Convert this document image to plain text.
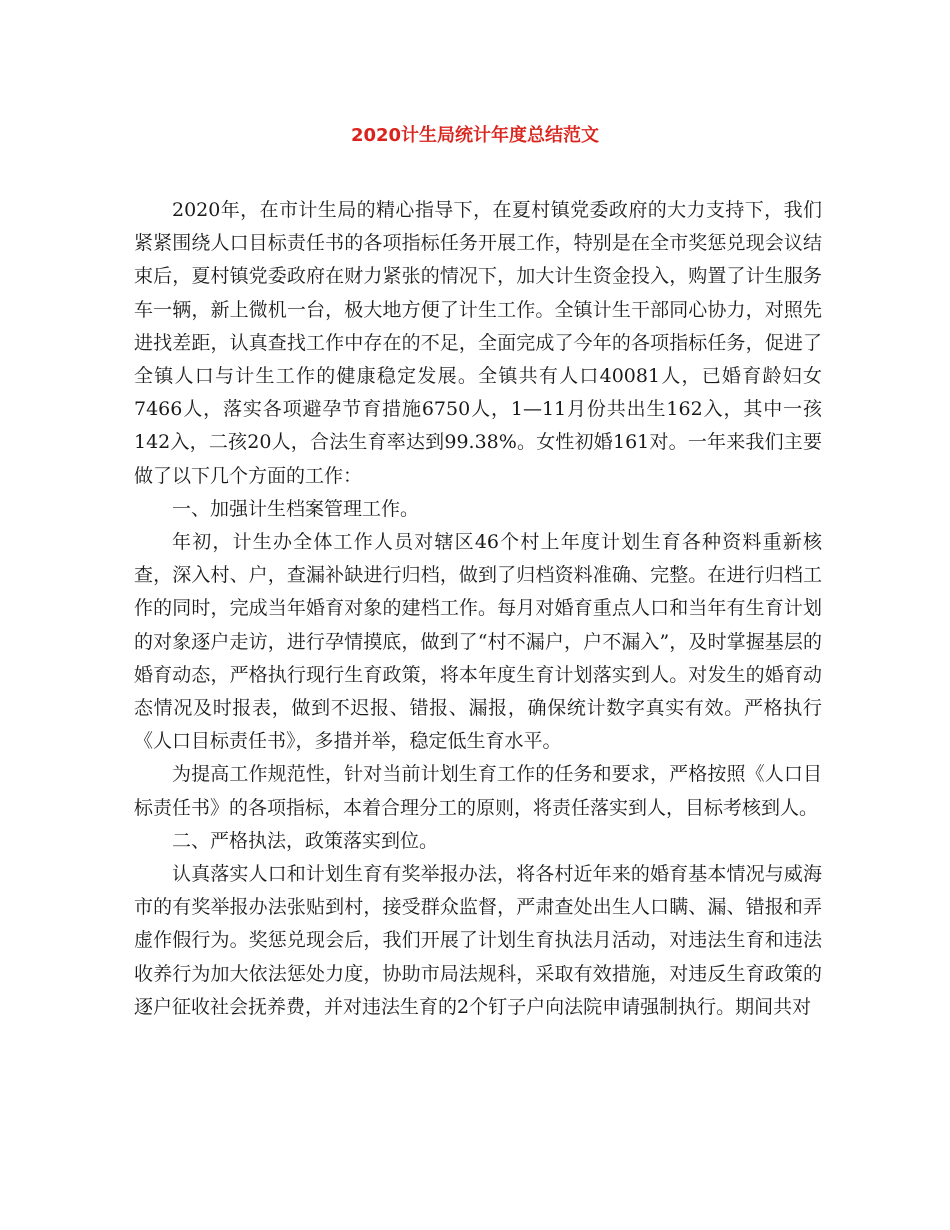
2020计生局统计年度总结范文

2020年，在市计生局的精心指导下，在夏村镇党委政府的大力支持下，我们紧紧围绕人口目标责任书的各项指标任务开展工作，特别是在全市奖惩兑现会议结束后，夏村镇党委政府在财力紧张的情况下，加大计生资金投入，购置了计生服务车一辆，新上微机一台，极大地方便了计生工作。全镇计生干部同心协力，对照先进找差距，认真查找工作中存在的不足，全面完成了今年的各项指标任务，促进了全镇人口与计生工作的健康稳定发展。全镇共有人口40081人，已婚育龄妇女7466人，落实各项避孕节育措施6750人，1—11月份共出生162入，其中一孩142入，二孩20人，合法生育率达到99.38%。女性初婚161对。一年来我们主要做了以下几个方面的工作：

一、加强计生档案管理工作。

年初，计生办全体工作人员对辖区46个村上年度计划生育各种资料重新核查，深入村、户，查漏补缺进行归档，做到了归档资料准确、完整。在进行归档工作的同时，完成当年婚育对象的建档工作。每月对婚育重点人口和当年有生育计划的对象逐户走访，进行孕情摸底，做到了“村不漏户，户不漏入”，及时掌握基层的婚育动态，严格执行现行生育政策，将本年度生育计划落实到人。对发生的婚育动态情况及时报表，做到不迟报、错报、漏报，确保统计数字真实有效。严格执行《人口目标责任书》，多措并举，稳定低生育水平。

为提高工作规范性，针对当前计划生育工作的任务和要求，严格按照《人口目标责任书》的各项指标，本着合理分工的原则，将责任落实到人，目标考核到人。

二、严格执法，政策落实到位。

认真落实人口和计划生育有奖举报办法，将各村近年来的婚育基本情况与威海市的有奖举报办法张贴到村，接受群众监督，严肃查处出生人口瞒、漏、错报和弄虚作假行为。奖惩兑现会后，我们开展了计划生育执法月活动，对违法生育和违法收养行为加大依法惩处力度，协助市局法规科，采取有效措施，对违反生育政策的逐户征收社会抚养费，并对违法生育的2个钉子户向法院申请强制执行。期间共对
